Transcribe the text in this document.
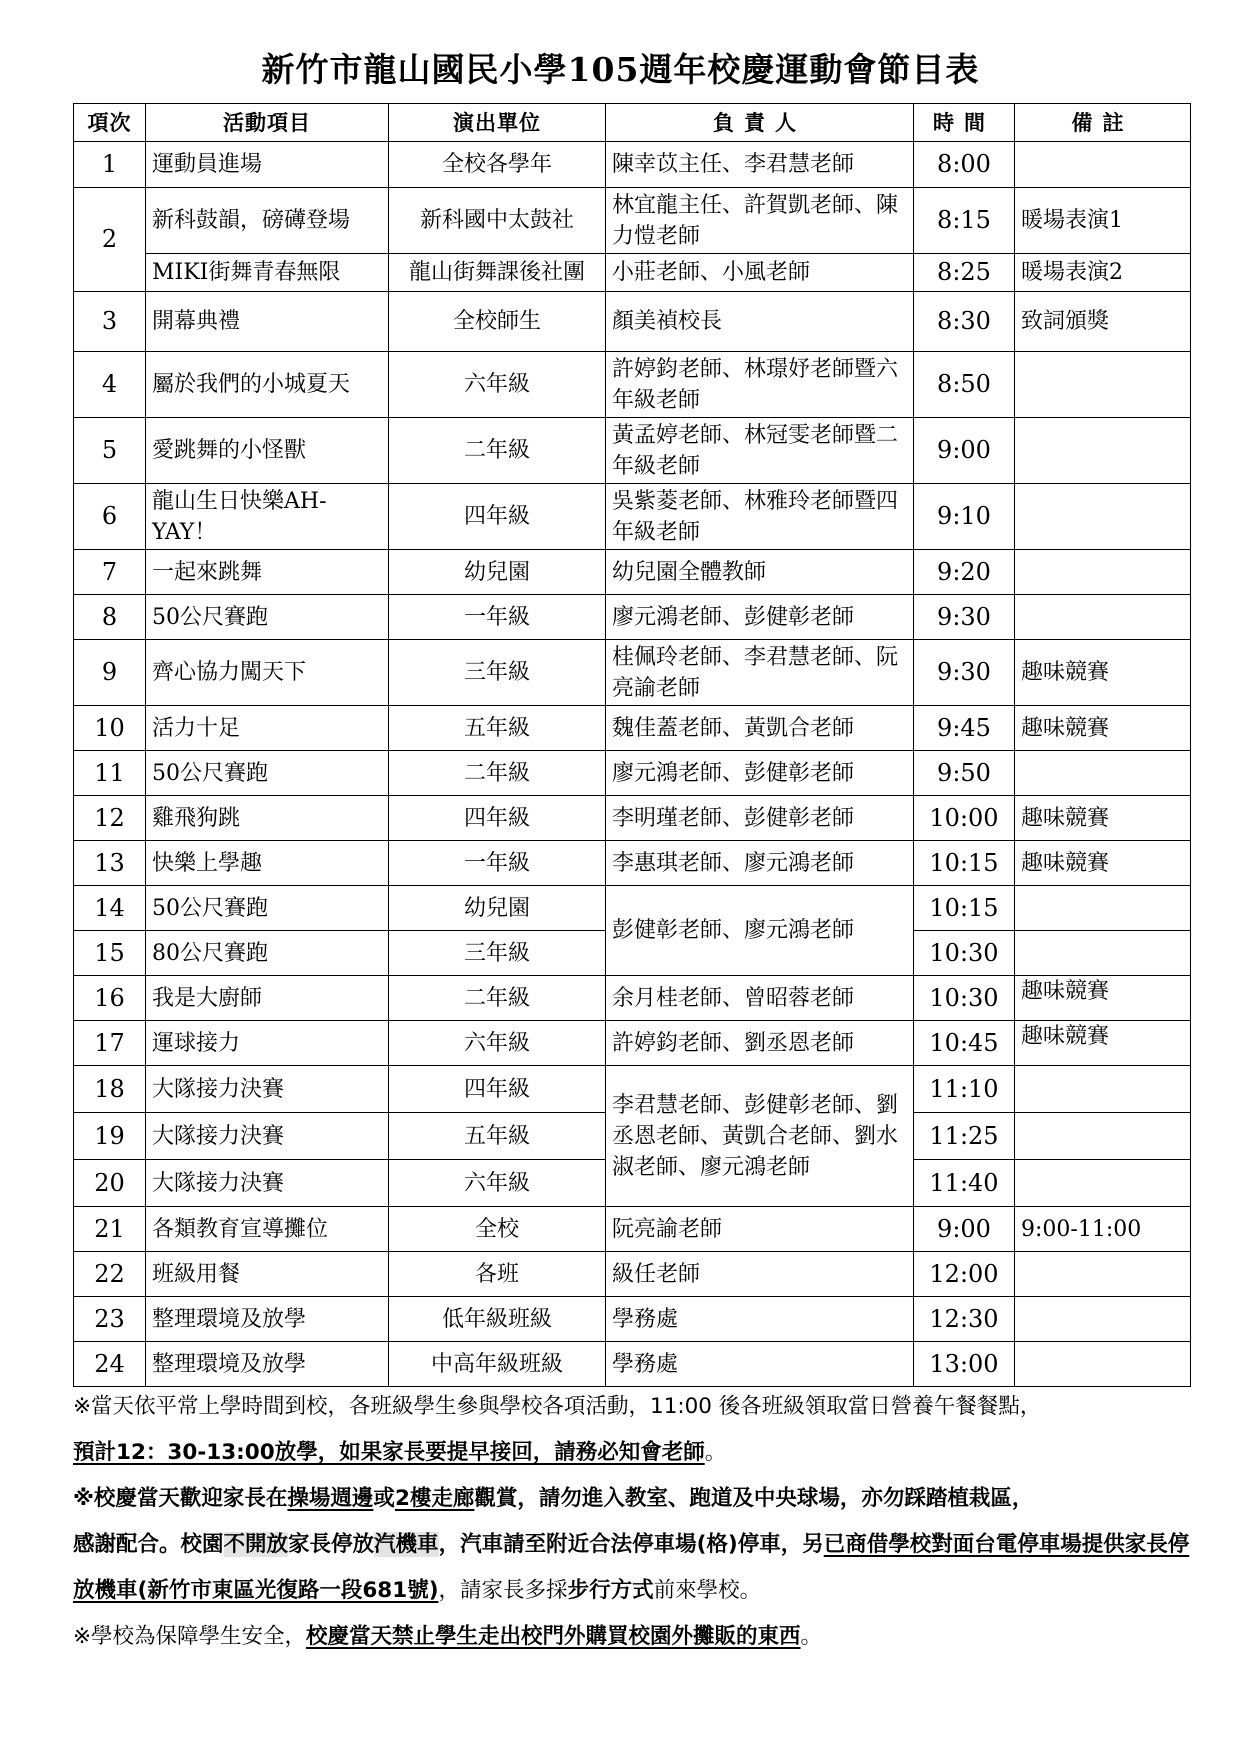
新竹市龍山國民小學105週年校慶運動會節目表
項次	活動項目	演出單位	負責人	時間	備註
1	運動員進場	全校各學年	陳幸苡主任、李君慧老師	8:00	
2	新科鼓韻，磅礡登場	新科國中太鼓社	林宜龍主任、許賀凱老師、陳力愷老師	8:15	暖場表演1
	MIKI街舞青春無限	龍山街舞課後社團	小莊老師、小風老師	8:25	暖場表演2
3	開幕典禮	全校師生	顏美禎校長	8:30	致詞頒獎
4	屬於我們的小城夏天	六年級	許婷鈞老師、林璟妤老師暨六年級老師	8:50	
5	愛跳舞的小怪獸	二年級	黃孟婷老師、林冠雯老師暨二年級老師	9:00	
6	龍山生日快樂AH-YAY！	四年級	吳紫菱老師、林雅玲老師暨四年級老師	9:10	
7	一起來跳舞	幼兒園	幼兒園全體教師	9:20	
8	50公尺賽跑	一年級	廖元鴻老師、彭健彰老師	9:30	
9	齊心協力闖天下	三年級	桂佩玲老師、李君慧老師、阮亮諭老師	9:30	趣味競賽
10	活力十足	五年級	魏佳蓋老師、黃凱合老師	9:45	趣味競賽
11	50公尺賽跑	二年級	廖元鴻老師、彭健彰老師	9:50	
12	雞飛狗跳	四年級	李明瑾老師、彭健彰老師	10:00	趣味競賽
13	快樂上學趣	一年級	李惠琪老師、廖元鴻老師	10:15	趣味競賽
14	50公尺賽跑	幼兒園	彭健彰老師、廖元鴻老師	10:15	
15	80公尺賽跑	三年級		10:30	
16	我是大廚師	二年級	余月桂老師、曾昭蓉老師	10:30	趣味競賽
17	運球接力	六年級	許婷鈞老師、劉丞恩老師	10:45	趣味競賽
18	大隊接力決賽	四年級	李君慧老師、彭健彰老師、劉丞恩老師、黃凱合老師、劉水淑老師、廖元鴻老師	11:10	
19	大隊接力決賽	五年級		11:25	
20	大隊接力決賽	六年級		11:40	
21	各類教育宣導攤位	全校	阮亮諭老師	9:00	9:00-11:00
22	班級用餐	各班	級任老師	12:00	
23	整理環境及放學	低年級班級	學務處	12:30	
24	整理環境及放學	中高年級班級	學務處	13:00	

※當天依平常上學時間到校，各班級學生參與學校各項活動，11:00 後各班級領取當日營養午餐餐點，
預計12：30-13:00放學，如果家長要提早接回，請務必知會老師。

※校慶當天歡迎家長在操場週邊或2樓走廊觀賞，請勿進入教室、跑道及中央球場，亦勿踩踏植栽區，
感謝配合。校園不開放家長停放汽機車，汽車請至附近合法停車場(格)停車，另已商借學校對面台電停車場提供家長停放機車(新竹市東區光復路一段681號)，請家長多採步行方式前來學校。

※學校為保障學生安全，校慶當天禁止學生走出校門外購買校園外攤販的東西。
